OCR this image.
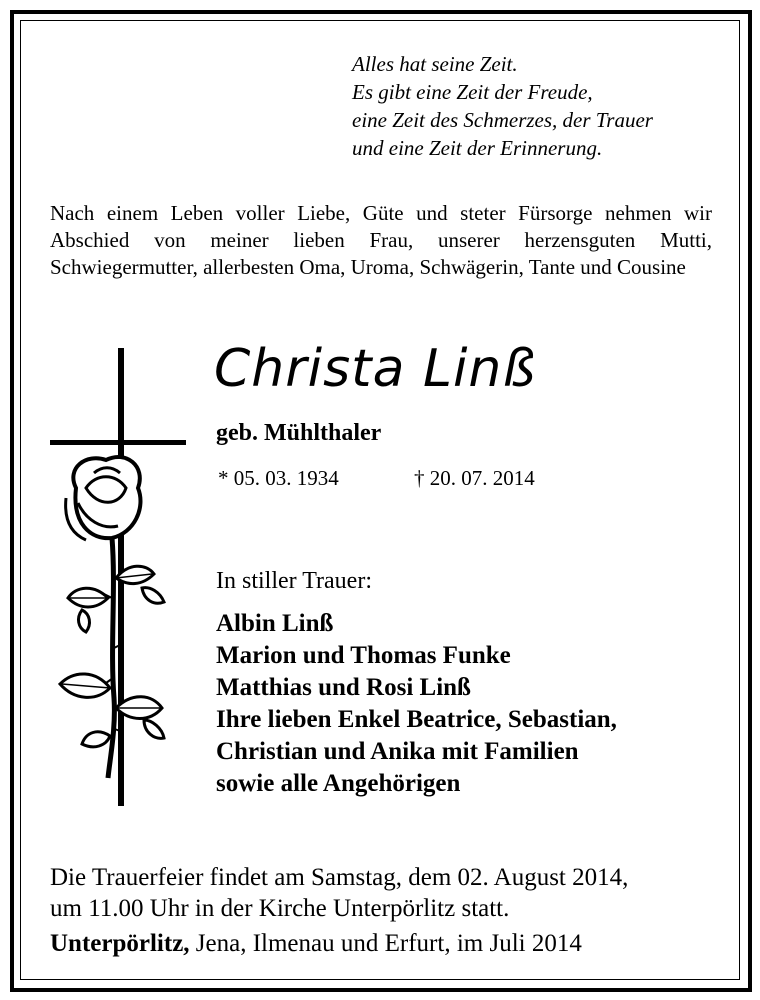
Alles hat seine Zeit.
Es gibt eine Zeit der Freude,
eine Zeit des Schmerzes, der Trauer
und eine Zeit der Erinnerung.
Nach einem Leben voller Liebe, Güte und steter Fürsorge nehmen wir Abschied von meiner lieben Frau, unserer herzensguten Mutti, Schwiegermutter, allerbesten Oma, Uroma, Schwägerin, Tante und Cousine
Christa Linß
geb. Mühlthaler
* 05. 03. 1934	† 20. 07. 2014
In stiller Trauer:
Albin Linß
Marion und Thomas Funke
Matthias und Rosi Linß
Ihre lieben Enkel Beatrice, Sebastian,
Christian und Anika mit Familien
sowie alle Angehörigen
Die Trauerfeier findet am Samstag, dem 02. August 2014,
um 11.00 Uhr in der Kirche Unterpörlitz statt.
Unterpörlitz, Jena, Ilmenau und Erfurt, im Juli 2014
